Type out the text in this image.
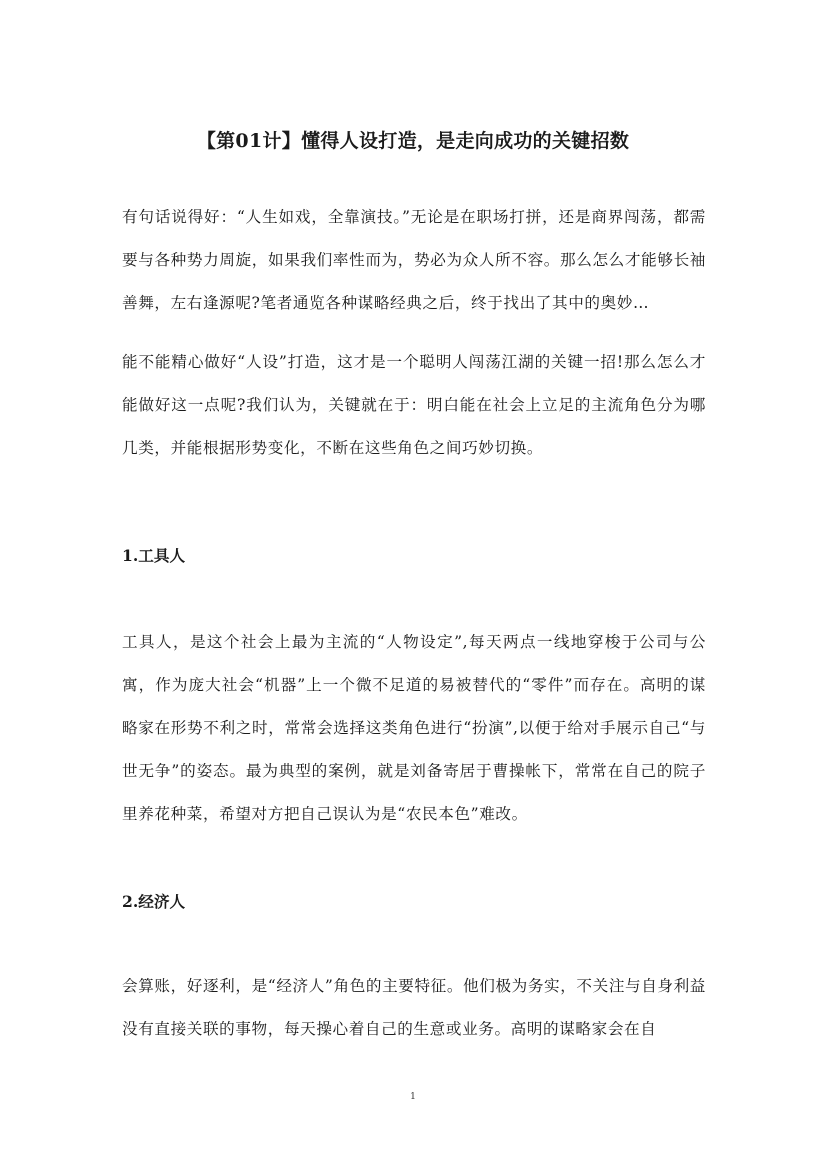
【第01计】懂得人设打造，是走向成功的关键招数

有句话说得好：“人生如戏，全靠演技。”无论是在职场打拼，还是商界闯荡，都需要与各种势力周旋，如果我们率性而为，势必为众人所不容。那么怎么才能够长袖善舞，左右逢源呢?笔者通览各种谋略经典之后，终于找出了其中的奥妙…

能不能精心做好“人设”打造，这才是一个聪明人闯荡江湖的关键一招!那么怎么才能做好这一点呢?我们认为，关键就在于：明白能在社会上立足的主流角色分为哪几类，并能根据形势变化，不断在这些角色之间巧妙切换。

1.工具人

工具人，是这个社会上最为主流的“人物设定”,每天两点一线地穿梭于公司与公寓，作为庞大社会“机器”上一个微不足道的易被替代的“零件”而存在。高明的谋略家在形势不利之时，常常会选择这类角色进行“扮演”,以便于给对手展示自己“与世无争”的姿态。最为典型的案例，就是刘备寄居于曹操帐下，常常在自己的院子里养花种菜，希望对方把自己误认为是“农民本色”难改。

2.经济人

会算账，好逐利，是“经济人”角色的主要特征。他们极为务实，不关注与自身利益没有直接关联的事物，每天操心着自己的生意或业务。高明的谋略家会在自

1
